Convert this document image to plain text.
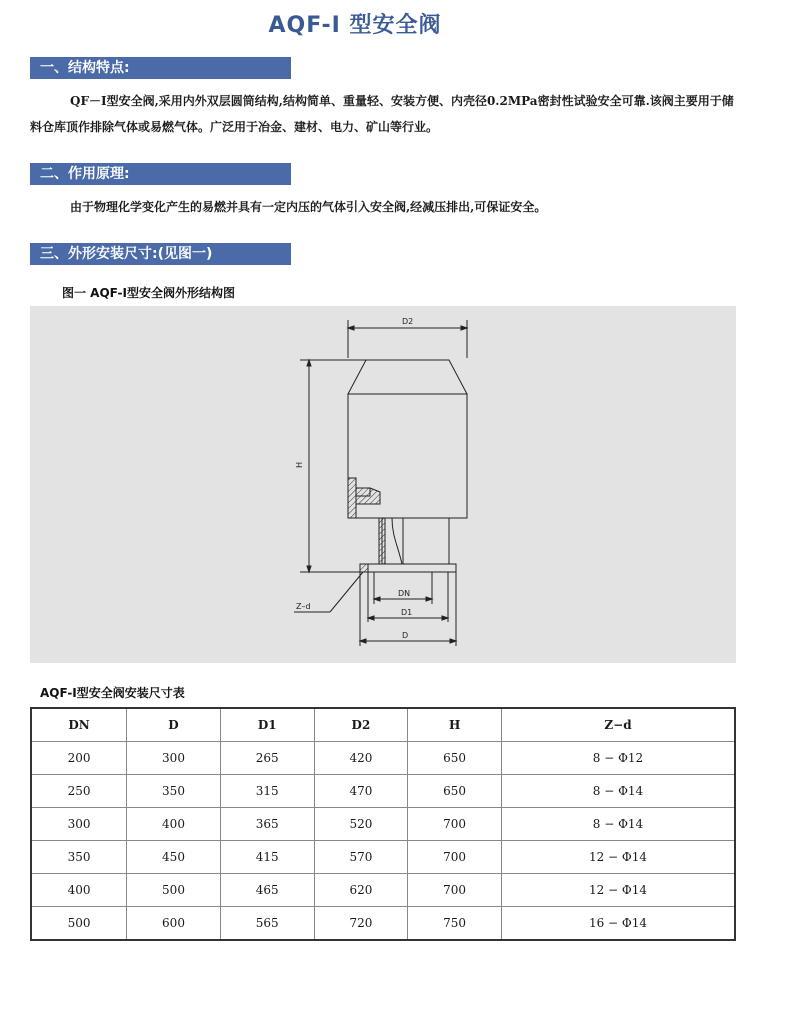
AQF-Ⅰ 型安全阀
一、结构特点:
QF－Ⅰ型安全阀,采用内外双层圆筒结构,结构简单、重量轻、安装方便、内壳径0.2MPa密封性试验安全可靠.该阀主要用于储料仓库顶作排除气体或易燃气体。广泛用于冶金、建材、电力、矿山等行业。
二、作用原理:
由于物理化学变化产生的易燃并具有一定内压的气体引入安全阀,经减压排出,可保证安全。
三、外形安装尺寸:(见图一)
图一 AQF-Ⅰ型安全阀外形结构图
D2
H
DN
D1
D
Z–d
AQF-Ⅰ型安全阀安装尺寸表
DN	D	D1	D2	H	Z−d
200	300	265	420	650	8 − Φ12
250	350	315	470	650	8 − Φ14
300	400	365	520	700	8 − Φ14
350	450	415	570	700	12 − Φ14
400	500	465	620	700	12 − Φ14
500	600	565	720	750	16 − Φ14
